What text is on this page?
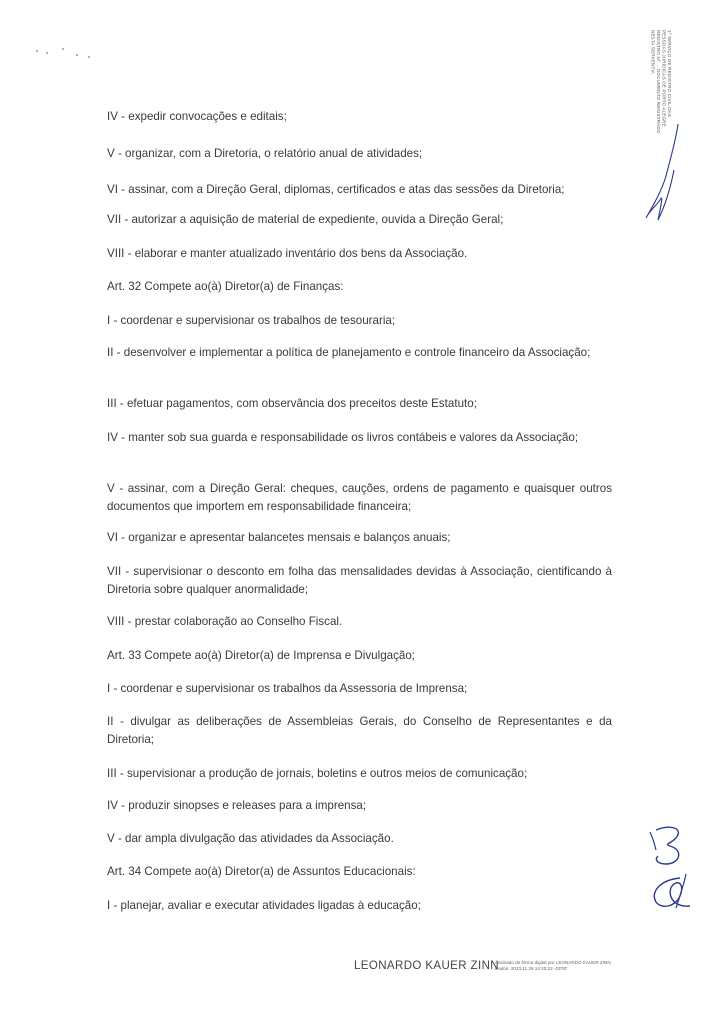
1º SERVIÇO DE REGISTRO CIVIL DAS PESSOAS JURÍDICAS DE PORTO ALEGRE REGISTRO Nº ... DOCUMENTO REGISTRADO NESTA SERVENTIA

IV - expedir convocações e editais;

V - organizar, com a Diretoria, o relatório anual de atividades;

VI - assinar, com a Direção Geral, diplomas, certificados e atas das sessões da Diretoria;

VII - autorizar a aquisição de material de expediente, ouvida a Direção Geral;

VIII - elaborar e manter atualizado inventário dos bens da Associação.

Art. 32 Compete ao(à) Diretor(a) de Finanças:

I - coordenar e supervisionar os trabalhos de tesouraria;

II - desenvolver e implementar a política de planejamento e controle financeiro da Associação;

III - efetuar pagamentos, com observância dos preceitos deste Estatuto;

IV - manter sob sua guarda e responsabilidade os livros contábeis e valores da Associação;

V - assinar, com a Direção Geral: cheques, cauções, ordens de pagamento e quaisquer outros documentos que importem em responsabilidade financeira;

VI - organizar e apresentar balancetes mensais e balanços anuais;

VII - supervisionar o desconto em folha das mensalidades devidas à Associação, cientificando à Diretoria sobre qualquer anormalidade;

VIII - prestar colaboração ao Conselho Fiscal.

Art. 33 Compete ao(à) Diretor(a) de Imprensa e Divulgação;

I - coordenar e supervisionar os trabalhos da Assessoria de Imprensa;

II - divulgar as deliberações de Assembleias Gerais, do Conselho de Representantes e da Diretoria;

III - supervisionar a produção de jornais, boletins e outros meios de comunicação;

IV - produzir sinopses e releases para a imprensa;

V - dar ampla divulgação das atividades da Associação.

Art. 34 Compete ao(à) Diretor(a) de Assuntos Educacionais:

I - planejar, avaliar e executar atividades ligadas à educação;

LEONARDO KAUER ZINN
Assinado de forma digital por LEONARDO KAUER ZINN
Dados: 2023.11.29 14:20:22 -03'00'
